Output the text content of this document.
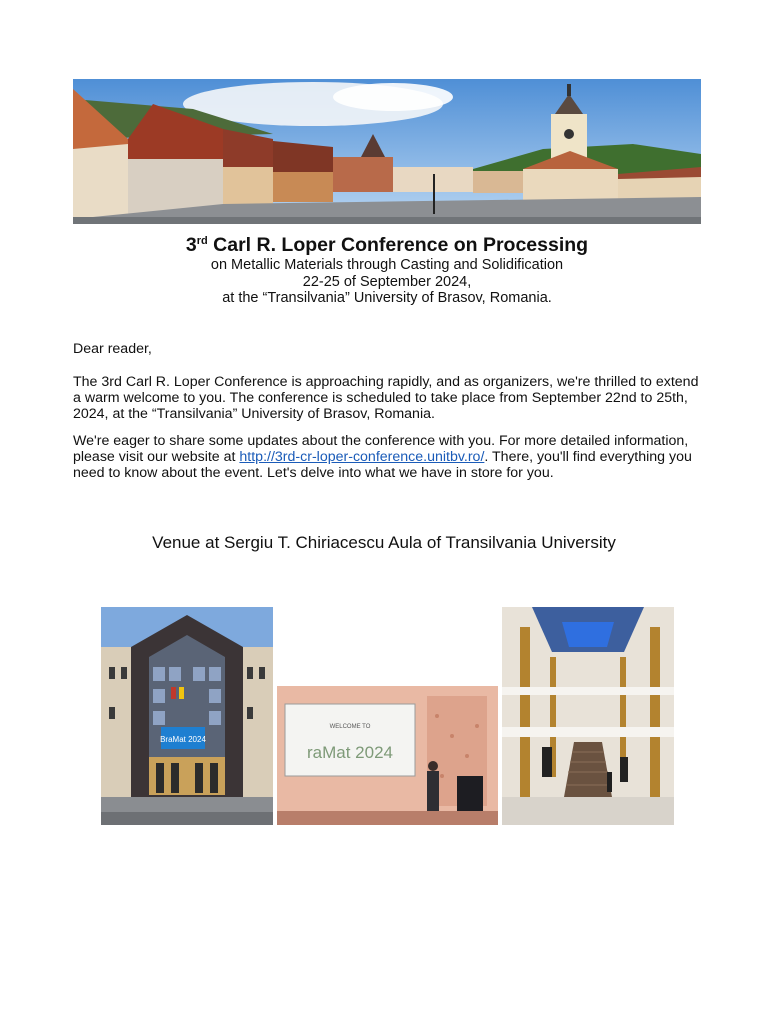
3rd Carl R. Loper Conference on Processing
on Metallic Materials through Casting and Solidification
22-25 of September 2024,
at the “Transilvania” University of Brasov, Romania.
Dear reader,
The 3rd Carl R. Loper Conference is approaching rapidly, and as organizers, we're thrilled to extend a warm welcome to you. The conference is scheduled to take place from September 22nd to 25th, 2024, at the “Transilvania” University of Brasov, Romania.
We're eager to share some updates about the conference with you. For more detailed information, please visit our website at http://3rd-cr-loper-conference.unitbv.ro/. There, you'll find everything you need to know about the event. Let's delve into what we have in store for you.
Venue at Sergiu T. Chiriacescu Aula of Transilvania University
BraMat 2024
WELCOME TO
raMat 2024
